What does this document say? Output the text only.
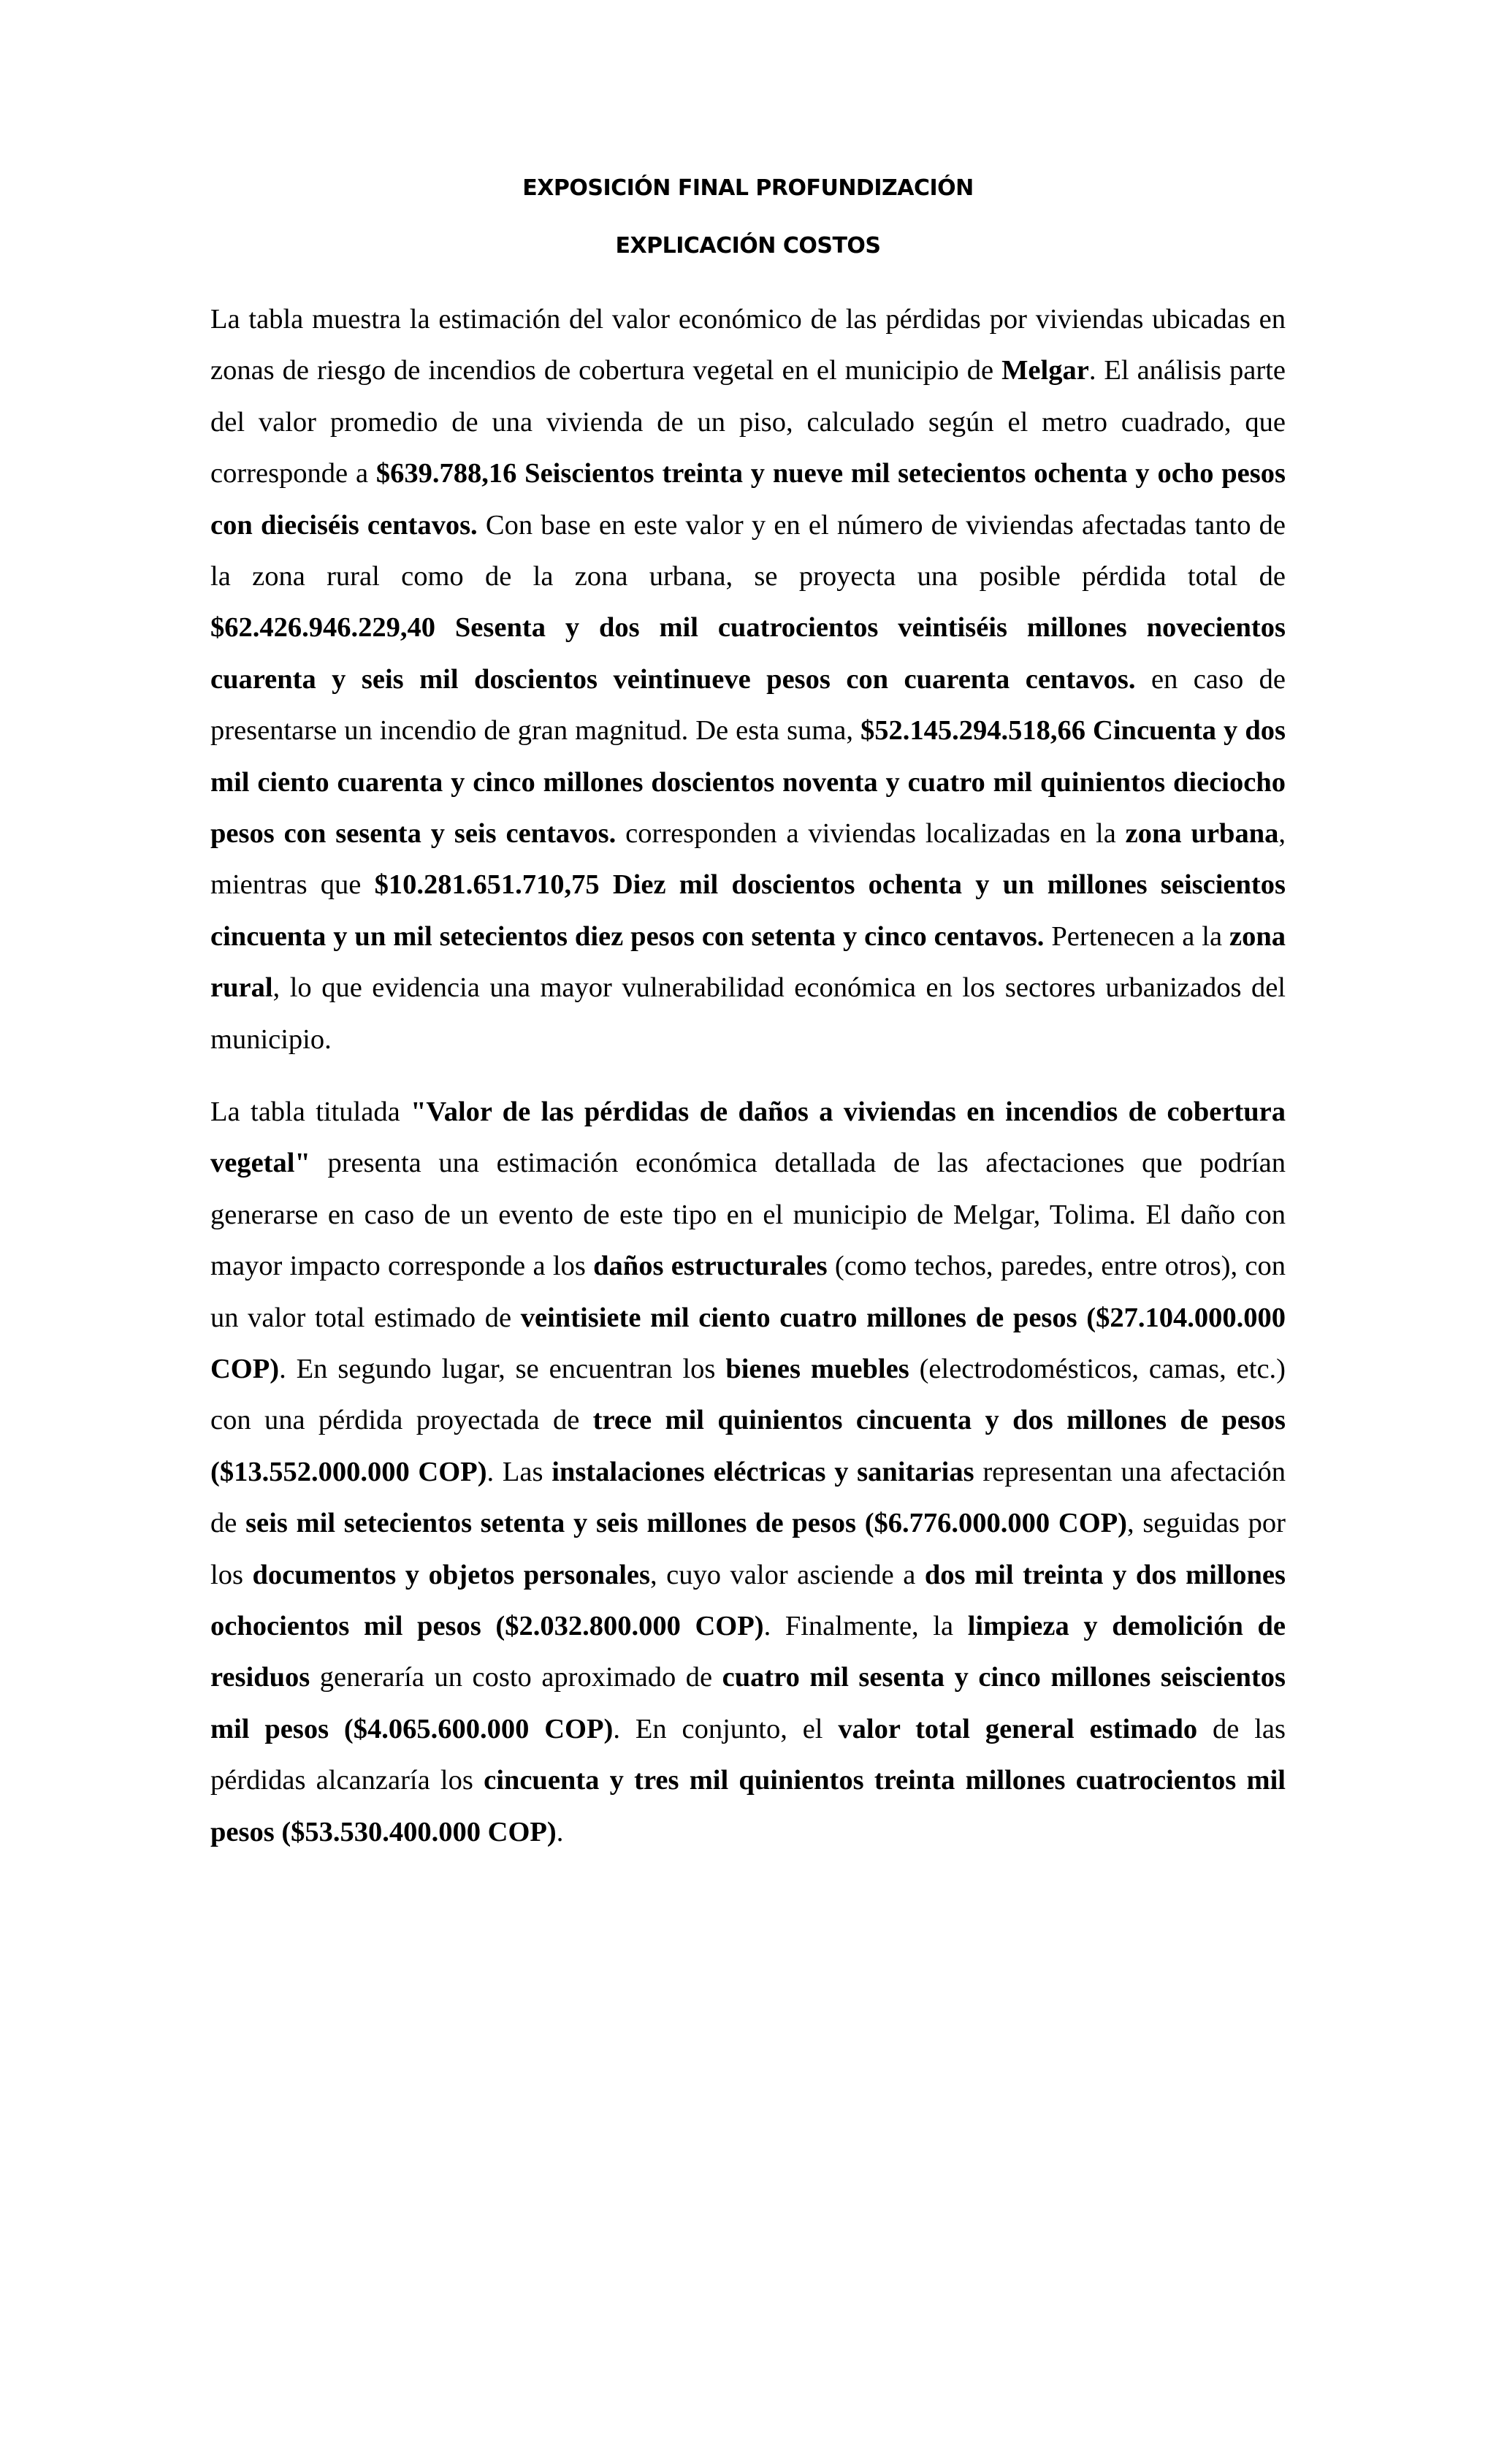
EXPOSICIÓN FINAL PROFUNDIZACIÓN
EXPLICACIÓN COSTOS

La tabla muestra la estimación del valor económico de las pérdidas por viviendas ubicadas en zonas de riesgo de incendios de cobertura vegetal en el municipio de Melgar. El análisis parte del valor promedio de una vivienda de un piso, calculado según el metro cuadrado, que corresponde a $639.788,16 Seiscientos treinta y nueve mil setecientos ochenta y ocho pesos con dieciséis centavos. Con base en este valor y en el número de viviendas afectadas tanto de la zona rural como de la zona urbana, se proyecta una posible pérdida total de $62.426.946.229,40 Sesenta y dos mil cuatrocientos veintiséis millones novecientos cuarenta y seis mil doscientos veintinueve pesos con cuarenta centavos. en caso de presentarse un incendio de gran magnitud. De esta suma, $52.145.294.518,66 Cincuenta y dos mil ciento cuarenta y cinco millones doscientos noventa y cuatro mil quinientos dieciocho pesos con sesenta y seis centavos. corresponden a viviendas localizadas en la zona urbana, mientras que $10.281.651.710,75 Diez mil doscientos ochenta y un millones seiscientos cincuenta y un mil setecientos diez pesos con setenta y cinco centavos. Pertenecen a la zona rural, lo que evidencia una mayor vulnerabilidad económica en los sectores urbanizados del municipio.

La tabla titulada "Valor de las pérdidas de daños a viviendas en incendios de cobertura vegetal" presenta una estimación económica detallada de las afectaciones que podrían generarse en caso de un evento de este tipo en el municipio de Melgar, Tolima. El daño con mayor impacto corresponde a los daños estructurales (como techos, paredes, entre otros), con un valor total estimado de veintisiete mil ciento cuatro millones de pesos ($27.104.000.000 COP). En segundo lugar, se encuentran los bienes muebles (electrodomésticos, camas, etc.) con una pérdida proyectada de trece mil quinientos cincuenta y dos millones de pesos ($13.552.000.000 COP). Las instalaciones eléctricas y sanitarias representan una afectación de seis mil setecientos setenta y seis millones de pesos ($6.776.000.000 COP), seguidas por los documentos y objetos personales, cuyo valor asciende a dos mil treinta y dos millones ochocientos mil pesos ($2.032.800.000 COP). Finalmente, la limpieza y demolición de residuos generaría un costo aproximado de cuatro mil sesenta y cinco millones seiscientos mil pesos ($4.065.600.000 COP). En conjunto, el valor total general estimado de las pérdidas alcanzaría los cincuenta y tres mil quinientos treinta millones cuatrocientos mil pesos ($53.530.400.000 COP).
